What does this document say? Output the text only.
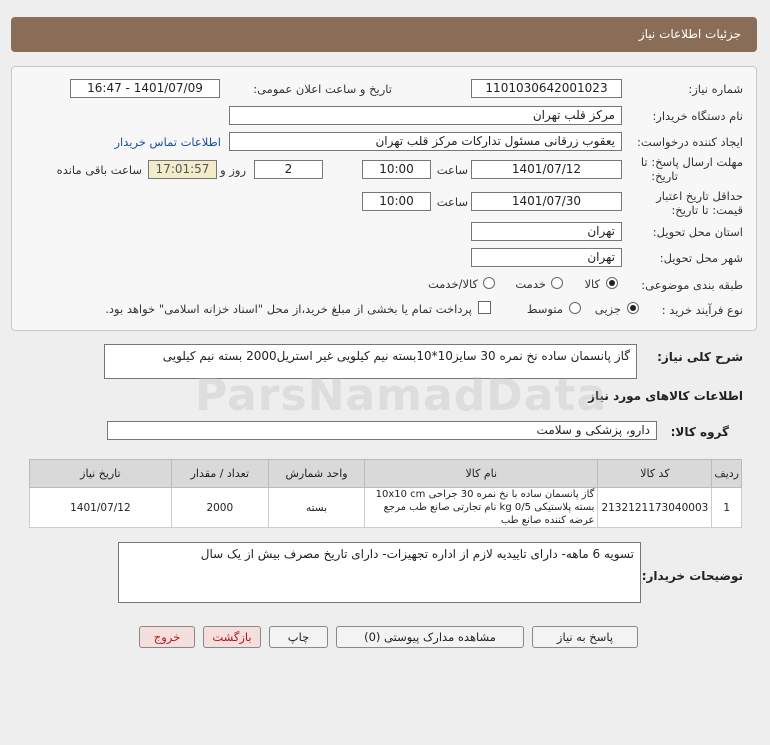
جزئیات اطلاعات نیاز
شماره نیاز:
1101030642001023
تاریخ و ساعت اعلان عمومی:
1401/07/09 - 16:47
نام دستگاه خریدار:
مرکز قلب تهران
ایجاد کننده درخواست:
یعقوب زرقانی مسئول تدارکات مرکز قلب تهران
اطلاعات تماس خریدار
مهلت ارسال پاسخ: تا
تاریخ:
1401/07/12
ساعت
10:00
2
روز و
17:01:57
ساعت باقی مانده
حداقل تاریخ اعتبار
قیمت: تا تاریخ:
1401/07/30
ساعت
10:00
استان محل تحویل:
تهران
شهر محل تحویل:
تهران
طبقه بندی موضوعی:
کالا
خدمت
کالا/خدمت
نوع فرآیند خرید :
جزیی
متوسط
پرداخت تمام یا بخشی از مبلغ خرید،از محل "اسناد خزانه اسلامی" خواهد بود.
شرح کلی نیاز:
گاز پانسمان ساده نخ نمره 30 سایز10*10بسته نیم کیلویی غیر استریل2000 بسته نیم کیلویی
اطلاعات کالاهای مورد نیاز
گروه کالا:
دارو، پزشکی و سلامت
ردیف	کد کالا	نام کالا	واحد شمارش	تعداد / مقدار	تاریخ نیاز
1	2132121173040003	گاز پانسمان ساده با نخ نمره 30 جراحی 10x10 cm بسته پلاستیکی 0/5 kg نام تجارتی صانع طب مرجع عرضه کننده صانع طب	بسته	2000	1401/07/12
توضیحات خریدار:
تسویه 6 ماهه- دارای تاییدیه لازم از اداره تجهیزات- دارای تاریخ مصرف بیش از یک سال
پاسخ به نیاز
مشاهده مدارک پیوستی (0)
چاپ
بازگشت
خروج
ParsNamadData
